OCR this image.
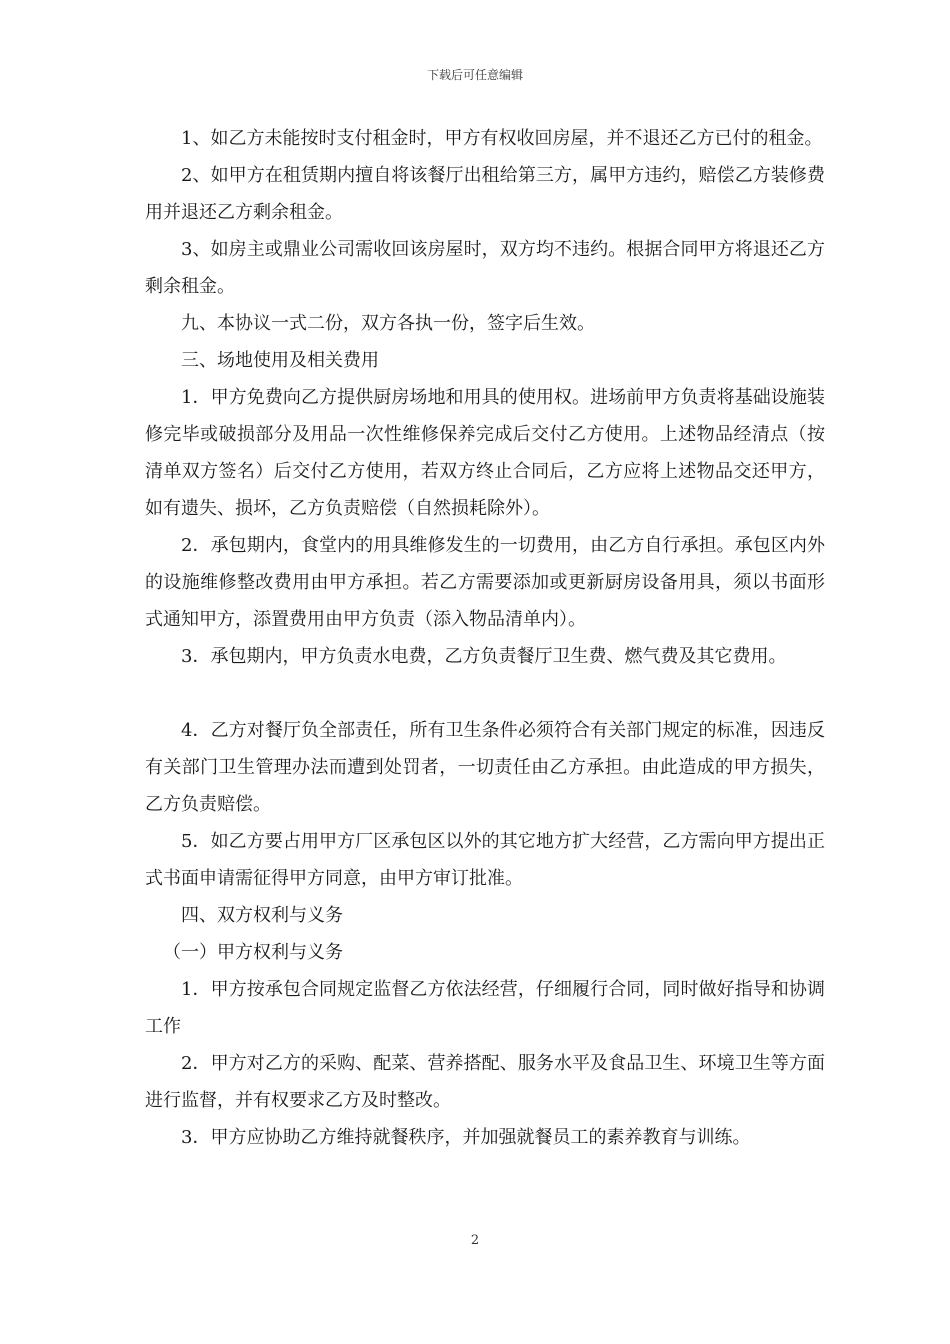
下载后可任意编辑

1、如乙方未能按时支付租金时，甲方有权收回房屋，并不退还乙方已付的租金。

2、如甲方在租赁期内擅自将该餐厅出租给第三方，属甲方违约，赔偿乙方装修费用并退还乙方剩余租金。

3、如房主或鼎业公司需收回该房屋时，双方均不违约。根据合同甲方将退还乙方剩余租金。

九、本协议一式二份，双方各执一份，签字后生效。

三、场地使用及相关费用

1．甲方免费向乙方提供厨房场地和用具的使用权。进场前甲方负责将基础设施装修完毕或破损部分及用品一次性维修保养完成后交付乙方使用。上述物品经清点（按清单双方签名）后交付乙方使用，若双方终止合同后，乙方应将上述物品交还甲方，如有遗失、损坏，乙方负责赔偿（自然损耗除外）。

2．承包期内，食堂内的用具维修发生的一切费用，由乙方自行承担。承包区内外的设施维修整改费用由甲方承担。若乙方需要添加或更新厨房设备用具，须以书面形式通知甲方，添置费用由甲方负责（添入物品清单内）。

3．承包期内，甲方负责水电费，乙方负责餐厅卫生费、燃气费及其它费用。

4．乙方对餐厅负全部责任，所有卫生条件必须符合有关部门规定的标准，因违反有关部门卫生管理办法而遭到处罚者，一切责任由乙方承担。由此造成的甲方损失，乙方负责赔偿。

5．如乙方要占用甲方厂区承包区以外的其它地方扩大经营，乙方需向甲方提出正式书面申请需征得甲方同意，由甲方审订批准。

四、双方权利与义务

（一）甲方权利与义务

1．甲方按承包合同规定监督乙方依法经营，仔细履行合同，同时做好指导和协调工作

2．甲方对乙方的采购、配菜、营养搭配、服务水平及食品卫生、环境卫生等方面进行监督，并有权要求乙方及时整改。

3．甲方应协助乙方维持就餐秩序，并加强就餐员工的素养教育与训练。

2
